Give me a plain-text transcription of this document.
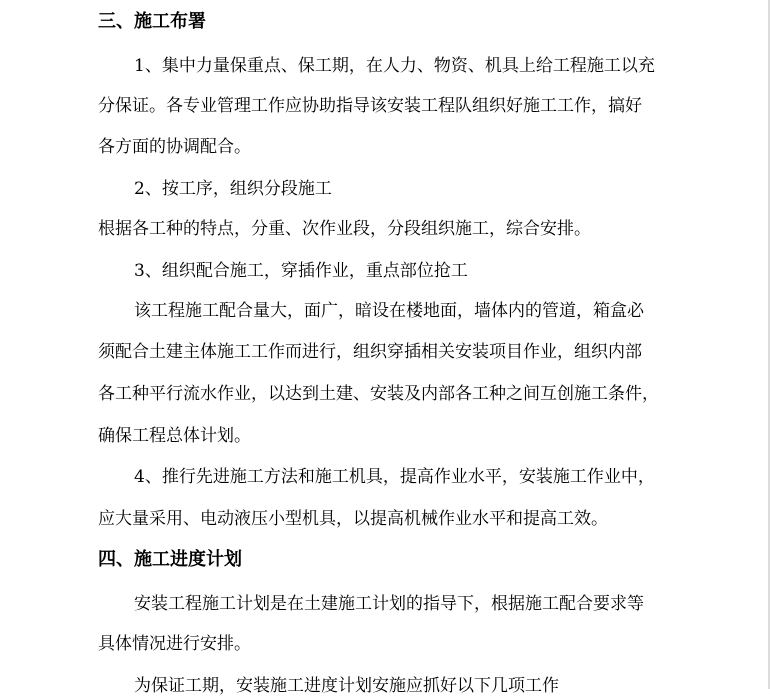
三、施工布署
1、集中力量保重点、保工期，在人力、物资、机具上给工程施工以充
分保证。各专业管理工作应协助指导该安装工程队组织好施工工作，搞好
各方面的协调配合。
2、按工序，组织分段施工
根据各工种的特点，分重、次作业段，分段组织施工，综合安排。
3、组织配合施工，穿插作业，重点部位抢工
该工程施工配合量大，面广，暗设在楼地面，墙体内的管道，箱盒必
须配合土建主体施工工作而进行，组织穿插相关安装项目作业，组织内部
各工种平行流水作业，以达到土建、安装及内部各工种之间互创施工条件，
确保工程总体计划。
4、推行先进施工方法和施工机具，提高作业水平，安装施工作业中，
应大量采用、电动液压小型机具，以提高机械作业水平和提高工效。
四、施工进度计划
安装工程施工计划是在土建施工计划的指导下，根据施工配合要求等
具体情况进行安排。
为保证工期，安装施工进度计划安施应抓好以下几项工作
